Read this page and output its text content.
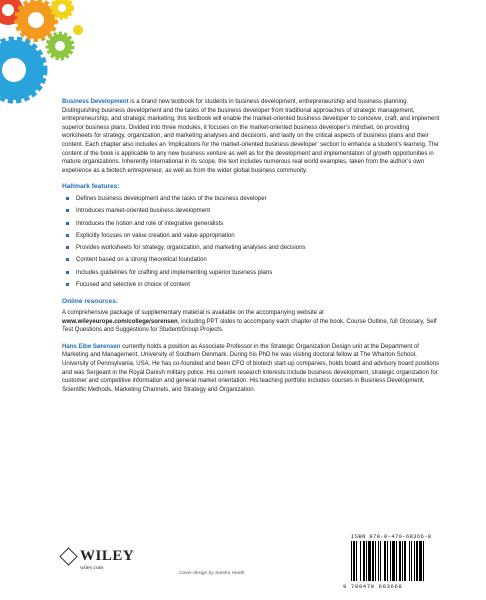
Business Development is a brand new textbook for students in business development, entrepreneurship and business planning. Distinguishing business development and the tasks of the business developer from traditional approaches of strategic management, entrepreneurship, and strategic marketing, this textbook will enable the market-oriented business developer to conceive, craft, and implement superior business plans. Divided into three modules, it focuses on the market-oriented business developer’s mindset, on providing worksheets for strategy, organization, and marketing analyses and decisions, and lastly on the critical aspects of business plans and their content. Each chapter also includes an ‘implications for the market-oriented business developer’ section to enhance a student’s learning. The content of the book is applicable to any new business venture as well as for the development and implementation of growth opportunities in mature organizations. Inherently international in its scope, the text includes numerous real world examples, taken from the author’s own experience as a biotech entrepreneur, as well as from the wider global business community.

Hallmark features:
Defines business development and the tasks of the business developer
Introduces market-oriented business development
Introduces the notion and role of integrative generalists
Explicitly focuses on value creation and value appropriation
Provides worksheets for strategy, organization, and marketing analyses and decisions
Content based on a strong theoretical foundation
Includes guidelines for crafting and implementing superior business plans
Focused and selective in choice of content
Online resources:

A comprehensive package of supplementary material is available on the accompanying website at www.wileyeurope.com/college/sorensen, including PPT slides to accompany each chapter of the book, Course Outline, full Glossary, Self Test Questions and Suggestions for Student/Group Projects.

Hans Eibe Sørensen currently holds a position as Associate Professor in the Strategic Organization Design unit at the Department of Marketing and Management, University of Southern Denmark. During his PhD he was visiting doctoral fellow at The Wharton School, University of Pennsylvania, USA. He has co-founded and been CFO of biotech start-up companies, holds board and advisory board positions and was Sergeant in the Royal Danish military police. His current research interests include business development, strategic organization for customer and competitive information and general market orientation. His teaching portfolio includes courses in Business Development, Scientific Methods, Marketing Channels, and Strategy and Organization.

WILEY
wiley.com
Cover design by Sandra Heath
ISBN 978-0-470-68366-8
9 780470 683668
